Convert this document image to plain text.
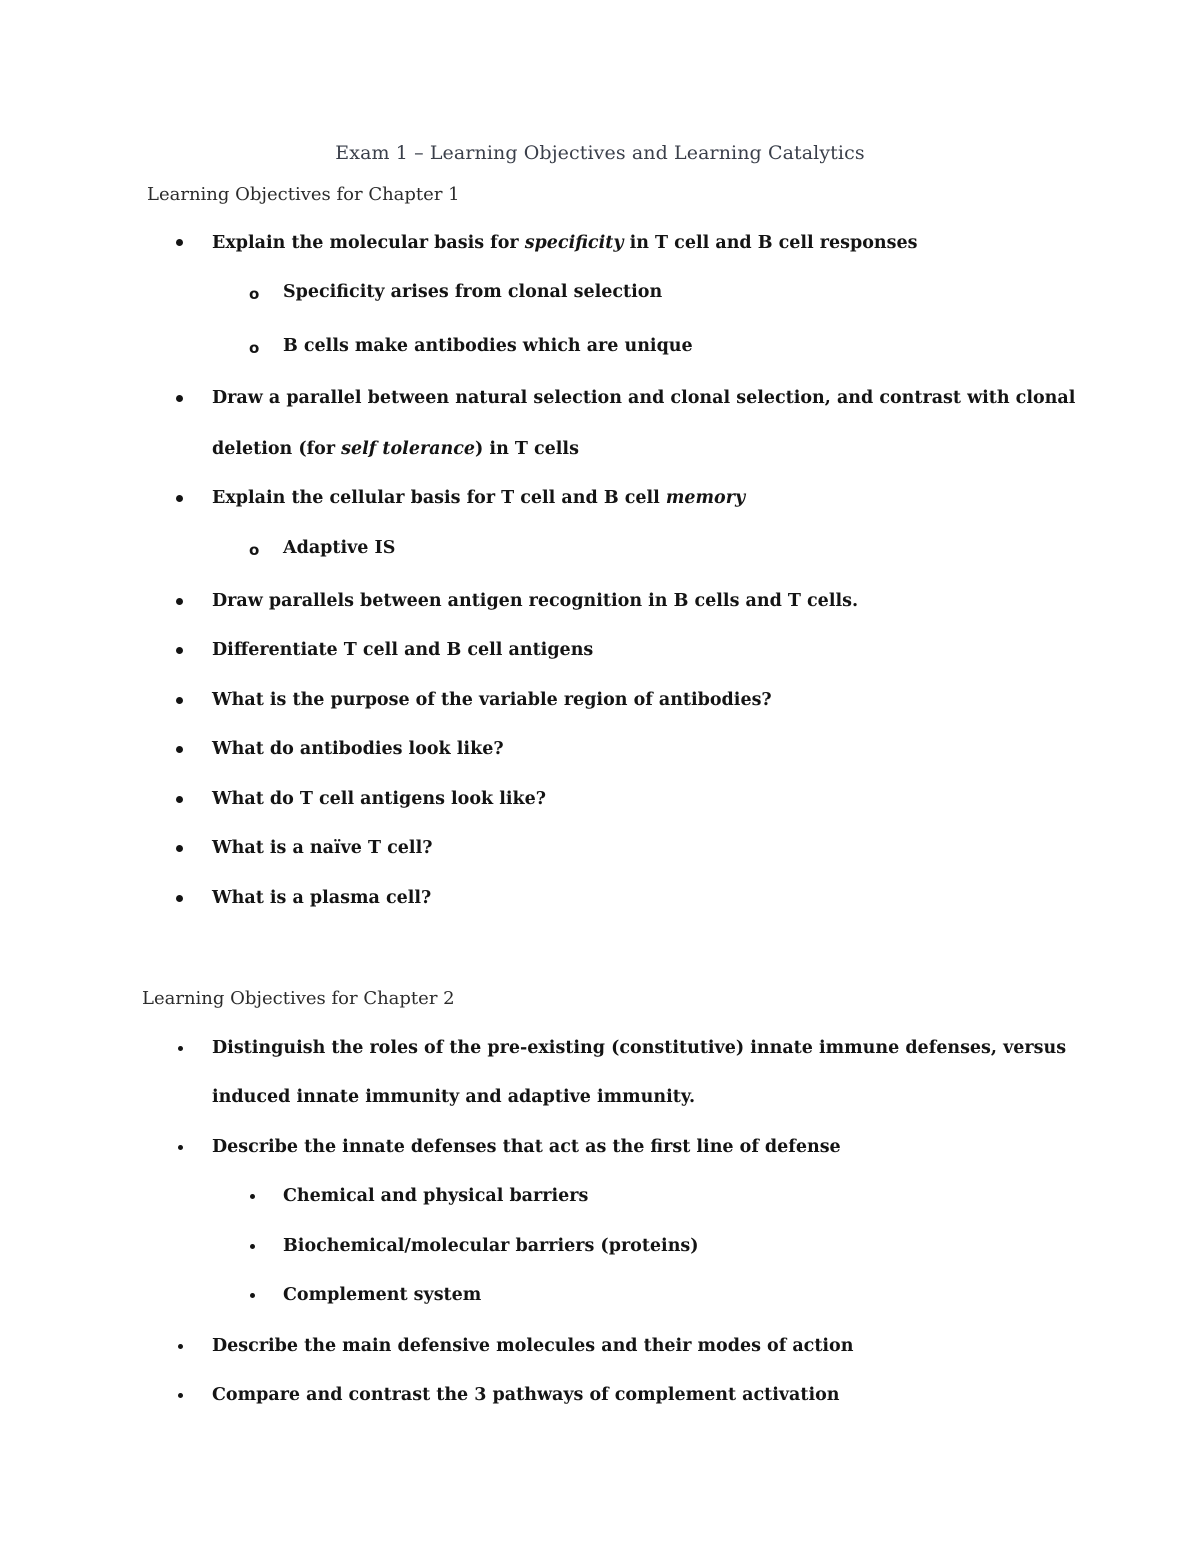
Exam 1 – Learning Objectives and Learning Catalytics
Learning Objectives for Chapter 1
Explain the molecular basis for specificity in T cell and B cell responses
o Specificity arises from clonal selection
o B cells make antibodies which are unique
Draw a parallel between natural selection and clonal selection, and contrast with clonal
deletion (for self tolerance) in T cells
Explain the cellular basis for T cell and B cell memory
o Adaptive IS
Draw parallels between antigen recognition in B cells and T cells.
Differentiate T cell and B cell antigens
What is the purpose of the variable region of antibodies?
What do antibodies look like?
What do T cell antigens look like?
What is a naïve T cell?
What is a plasma cell?
Learning Objectives for Chapter 2
Distinguish the roles of the pre-existing (constitutive) innate immune defenses, versus
induced innate immunity and adaptive immunity.
Describe the innate defenses that act as the first line of defense
Chemical and physical barriers
Biochemical/molecular barriers (proteins)
Complement system
Describe the main defensive molecules and their modes of action
Compare and contrast the 3 pathways of complement activation
